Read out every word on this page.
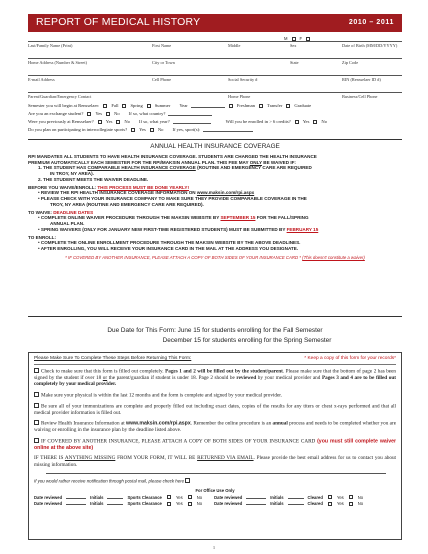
REPORT OF MEDICAL HISTORY	2010 – 2011
M	F
Last/Family Name (Print)	First Name	Middle	Sex	Date of Birth (MM/DD/YYYY)
Home Address (Number & Street)	City or Town	State	Zip Code
E-mail Address	Cell Phone	Social Security #	RIN (Rensselaer ID #)
Parent/Guardian/Emergency Contact	Home Phone	Business/Cell Phone
Semester you will begin at Rensselaer:	Fall	Spring	Summer Year	Freshman	Transfer	Graduate
Are you an exchange student?	Yes	No If so, what country?
Were you previously at Rensselaer?	Yes	No If so, what year?	Will you be enrolled in > 6 credits?	Yes	No
Do you plan on participating in intercollegiate sports?	Yes	No If yes, sport(s):
ANNUAL HEALTH INSURANCE COVERAGE
RPI MANDATES ALL STUDENTS TO HAVE HEALTH INSURANCE COVERAGE. STUDENTS ARE CHARGED THE HEALTH INSURANCE
PREMIUM AUTOMATICALLY EACH SEMESTER FOR THE RPI/MAKSIN ANNUAL PLAN. THIS FEE MAY ONLY BE WAIVED IF:
1. THE STUDENT HAS COMPARABLE HEALTH INSURANCE COVERAGE (ROUTINE AND EMERGENCY CARE ARE REQUIRED
IN TROY, NY AREA).
2. THE STUDENT MEETS THE WAIVER DEADLINE.
BEFORE YOU WAIVE/ENROLL: THIS PROCESS MUST BE DONE YEARLY!
• REVIEW THE RPI HEALTH INSURANCE COVERAGE INFORMATION ON www.maksin.com/rpi.aspx
• PLEASE CHECK WITH YOUR INSURANCE COMPANY TO MAKE SURE THEY PROVIDE COMPARABLE COVERAGE IN THE
TROY, NY AREA (ROUTINE AND EMERGENCY CARE ARE REQUIRED).
TO WAIVE: DEADLINE DATES
• COMPLETE ONLINE WAIVER PROCEDURE THROUGH THE MAKSIN WEBSITE BY SEPTEMBER 15 FOR THE FALL/SPRING
ANNUAL PLAN.
• SPRING WAIVERS (ONLY FOR JANUARY NEW FIRST-TIME REGISTERED STUDENTS) MUST BE SUBMITTED BY FEBRUARY 15
TO ENROLL:
• COMPLETE THE ONLINE ENROLLMENT PROCEDURE THROUGH THE MAKSIN WEBSITE BY THE ABOVE DEADLINES.
• AFTER ENROLLING, YOU WILL RECEIVE YOUR INSURANCE CARD IN THE MAIL AT THE ADDRESS YOU DESIGNATE.
* IF COVERED BY ANOTHER INSURANCE, PLEASE ATTACH A COPY OF BOTH SIDES OF YOUR INSURANCE CARD * (This doesn't constitute a waiver)
Due Date for This Form: June 15 for students enrolling for the Fall Semester
December 15 for students enrolling for the Spring Semester
Please Make Sure To Complete These Steps Before Returning This Form:	* Keep a copy of this form for your records*

Check to make sure that this form is filled out completely. Pages 1 and 2 will be filled out by the student/parent. Please make sure that the bottom of page 2 has been signed by the student if over 18 or the parent/guardian if student is under 18. Page 2 should be reviewed by your medical provider and Pages 3 and 4 are to be filled out completely by your medical provider.

Make sure your physical is within the last 12 months and the form is complete and signed by your medical provider.

Be sure all of your immunizations are complete and properly filled out including exact dates, copies of the results for any titers or chest x-rays performed and that all medical provider information is filled out.

Review Health Insurance Information at www.maksin.com/rpi.aspx. Remember the online procedure is an annual process and needs to be completed whether you are waiving or enrolling in the insurance plan by the deadline listed above.

IF COVERED BY ANOTHER INSURANCE, PLEASE ATTACH A COPY OF BOTH SIDES OF YOUR INSURANCE CARD (you must still complete waiver online at the above site)

IF THERE IS ANYTHING MISSING FROM YOUR FORM, IT WILL BE RETURNED VIA EMAIL. Please provide the best email address for us to contact you about missing information.

If you would rather receive notification through postal mail, please check here

For Office Use Only
Date reviewed	Initials	Sports Clearance	Yes	No	Date reviewed	Initials	Cleared	Yes	No
Date reviewed	Initials	Sports Clearance	Yes	No	Date reviewed	Initials	Cleared	Yes	No
1
